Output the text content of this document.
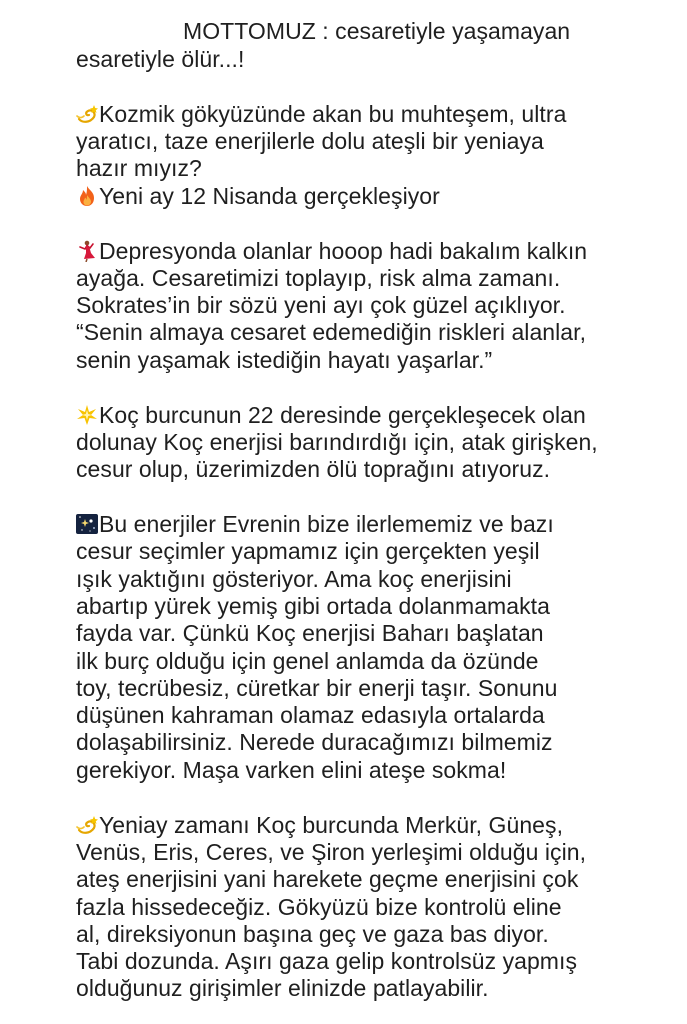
MOTTOMUZ : cesaretiyle yaşamayan
esaretiyle ölür...!
Kozmik gökyüzünde akan bu muhteşem, ultra
yaratıcı, taze enerjilerle dolu ateşli bir yeniaya
hazır mıyız?
Yeni ay 12 Nisanda gerçekleşiyor
Depresyonda olanlar hooop hadi bakalım kalkın
ayağa. Cesaretimizi toplayıp, risk alma zamanı.
Sokrates’in bir sözü yeni ayı çok güzel açıklıyor.
“Senin almaya cesaret edemediğin riskleri alanlar,
senin yaşamak istediğin hayatı yaşarlar.”
Koç burcunun 22 deresinde gerçekleşecek olan
dolunay Koç enerjisi barındırdığı için, atak girişken,
cesur olup, üzerimizden ölü toprağını atıyoruz.
Bu enerjiler Evrenin bize ilerlememiz ve bazı
cesur seçimler yapmamız için gerçekten yeşil
ışık yaktığını gösteriyor. Ama koç enerjisini
abartıp yürek yemiş gibi ortada dolanmamakta
fayda var. Çünkü Koç enerjisi Baharı başlatan
ilk burç olduğu için genel anlamda da özünde
toy, tecrübesiz, cüretkar bir enerji taşır. Sonunu
düşünen kahraman olamaz edasıyla ortalarda
dolaşabilirsiniz. Nerede duracağımızı bilmemiz
gerekiyor. Maşa varken elini ateşe sokma!
Yeniay zamanı Koç burcunda Merkür, Güneş,
Venüs, Eris, Ceres, ve Şiron yerleşimi olduğu için,
ateş enerjisini yani harekete geçme enerjisini çok
fazla hissedeceğiz. Gökyüzü bize kontrolü eline
al, direksiyonun başına geç ve gaza bas diyor.
Tabi dozunda. Aşırı gaza gelip kontrolsüz yapmış
olduğunuz girişimler elinizde patlayabilir.
